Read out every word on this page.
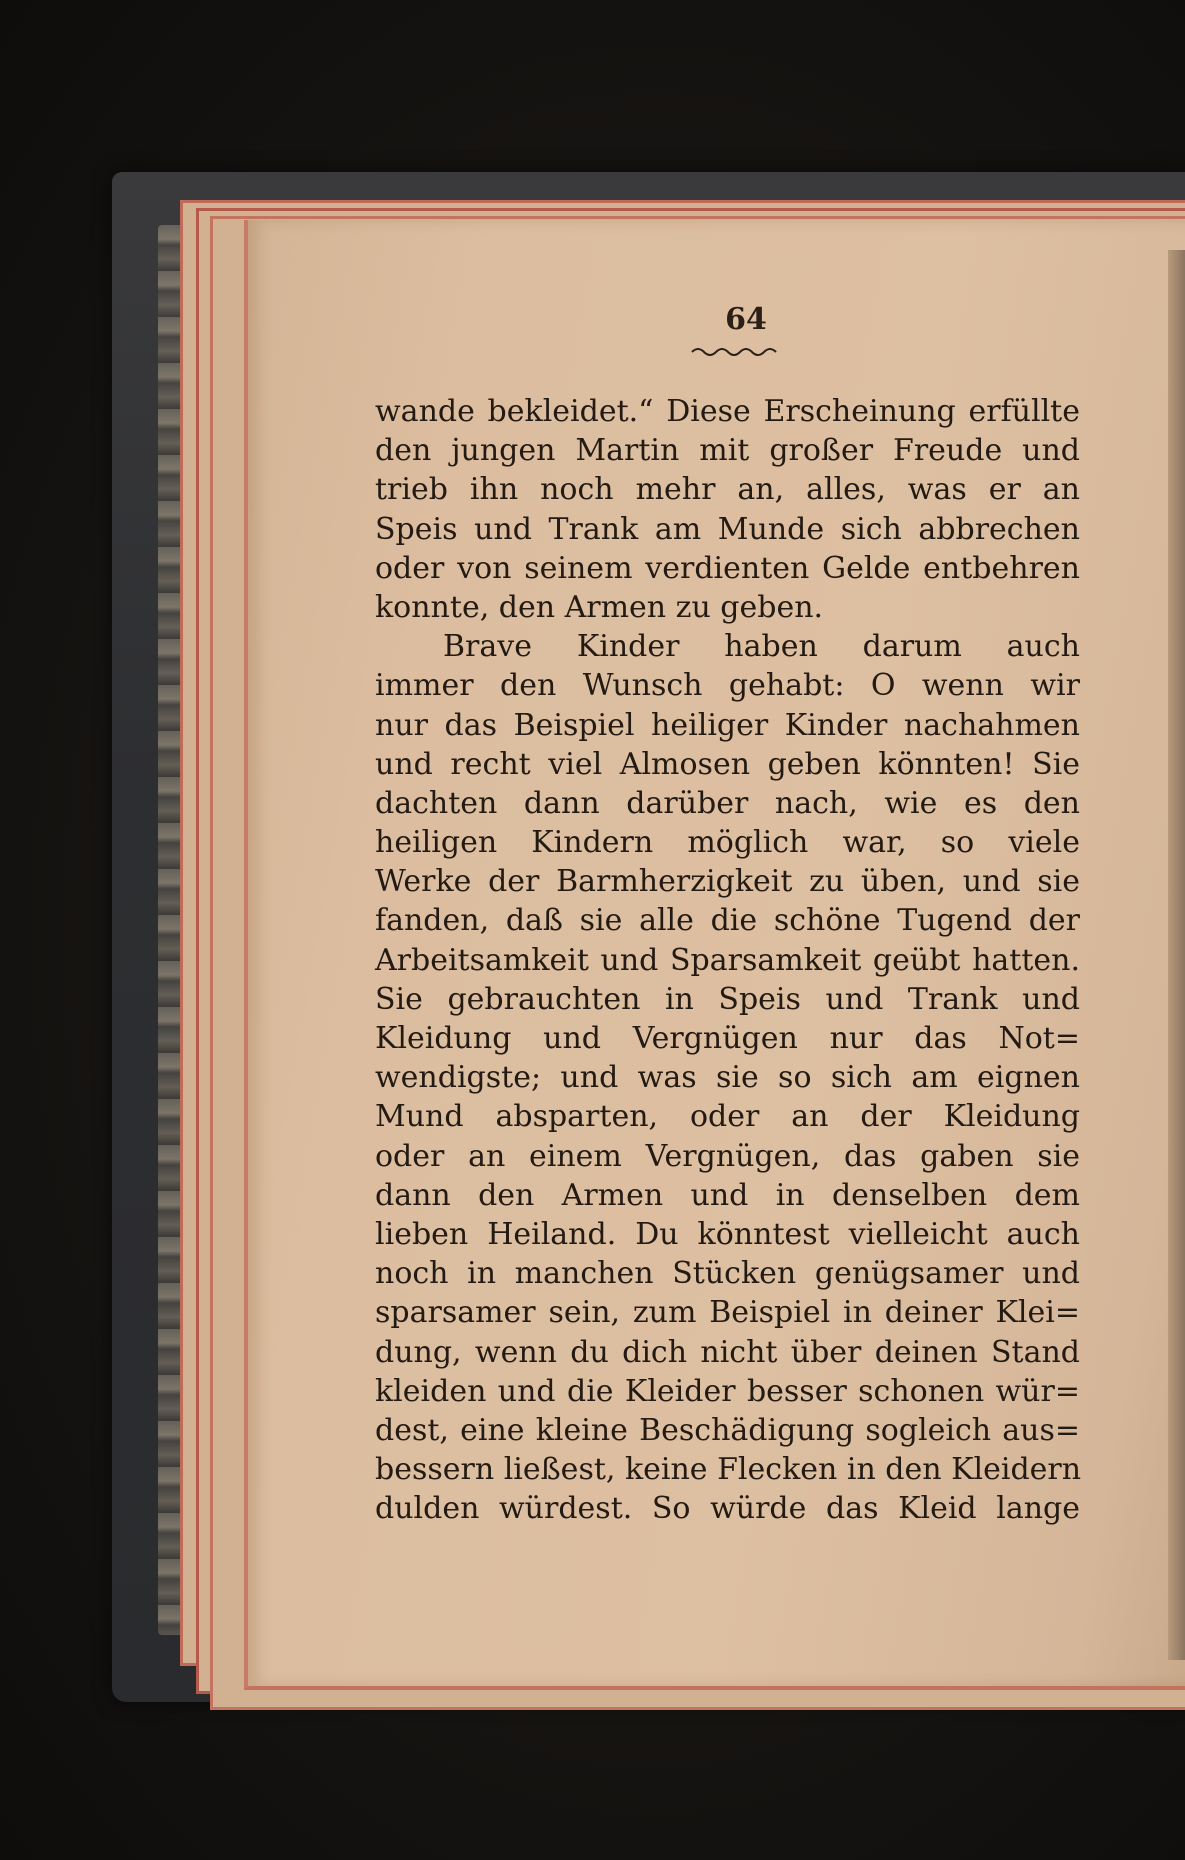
64
wande bekleidet.“ Diese Erscheinung erfüllte
den jungen Martin mit großer Freude und
trieb ihn noch mehr an, alles, was er an
Speis und Trank am Munde sich abbrechen
oder von seinem verdienten Gelde entbehren
konnte, den Armen zu geben.
Brave Kinder haben darum auch
immer den Wunsch gehabt: O wenn wir
nur das Beispiel heiliger Kinder nachahmen
und recht viel Almosen geben könnten! Sie
dachten dann darüber nach, wie es den
heiligen Kindern möglich war, so viele
Werke der Barmherzigkeit zu üben, und sie
fanden, daß sie alle die schöne Tugend der
Arbeitsamkeit und Sparsamkeit geübt hatten.
Sie gebrauchten in Speis und Trank und
Kleidung und Vergnügen nur das Not=
wendigste; und was sie so sich am eignen
Mund absparten, oder an der Kleidung
oder an einem Vergnügen, das gaben sie
dann den Armen und in denselben dem
lieben Heiland. Du könntest vielleicht auch
noch in manchen Stücken genügsamer und
sparsamer sein, zum Beispiel in deiner Klei=
dung, wenn du dich nicht über deinen Stand
kleiden und die Kleider besser schonen wür=
dest, eine kleine Beschädigung sogleich aus=
bessern ließest, keine Flecken in den Kleidern
dulden würdest. So würde das Kleid lange
